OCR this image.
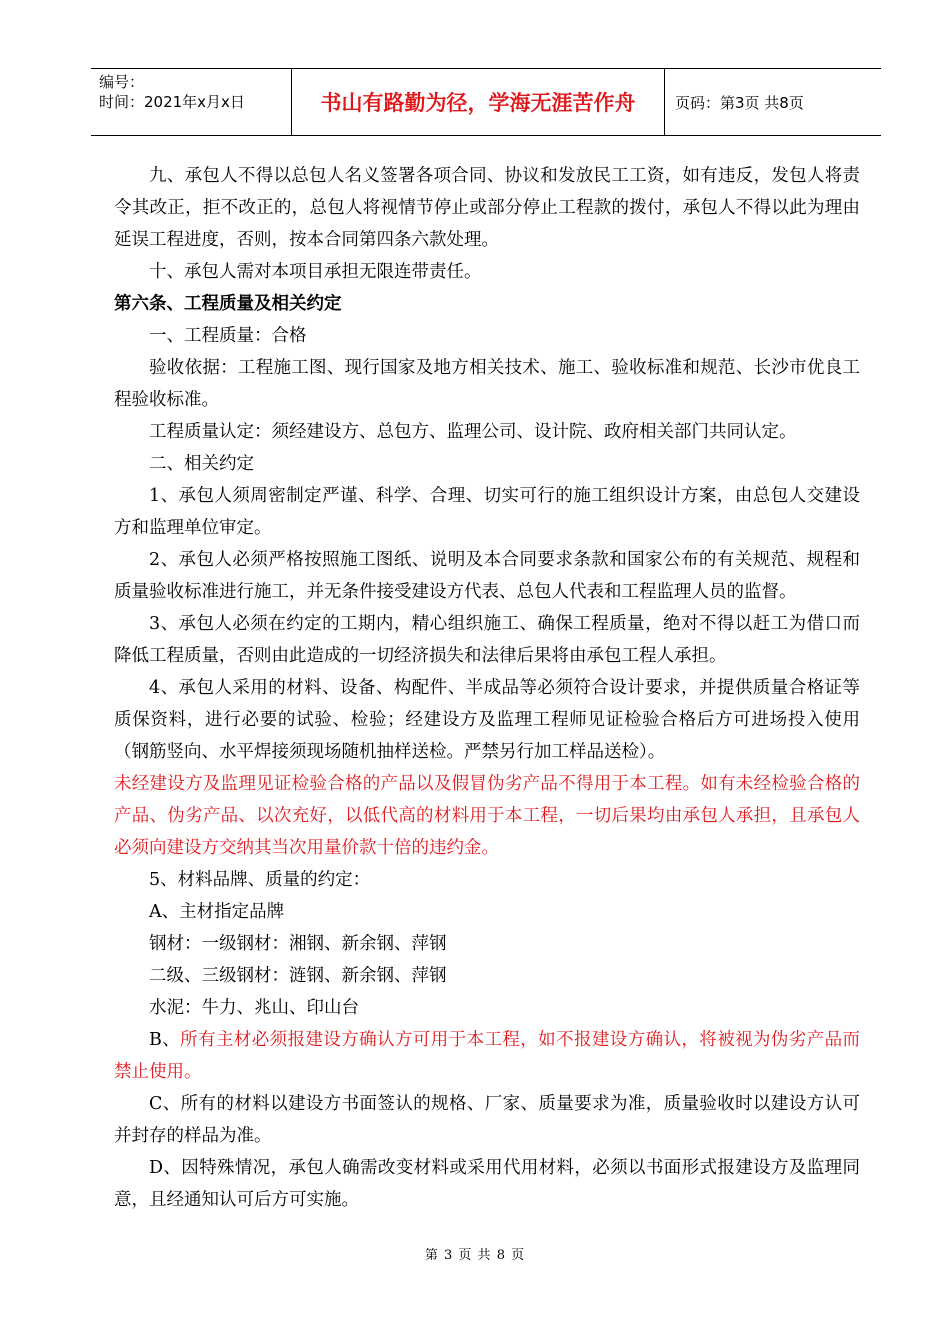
编号：
时间：2021年x月x日	书山有路勤为径，学海无涯苦作舟	页码：第3页 共8页

九、承包人不得以总包人名义签署各项合同、协议和发放民工工资，如有违反，发包人将责令其改正，拒不改正的，总包人将视情节停止或部分停止工程款的拨付，承包人不得以此为理由延误工程进度，否则，按本合同第四条六款处理。

十、承包人需对本项目承担无限连带责任。

第六条、工程质量及相关约定

一、工程质量：合格

验收依据：工程施工图、现行国家及地方相关技术、施工、验收标准和规范、长沙市优良工程验收标准。

工程质量认定：须经建设方、总包方、监理公司、设计院、政府相关部门共同认定。

二、相关约定

1、承包人须周密制定严谨、科学、合理、切实可行的施工组织设计方案，由总包人交建设方和监理单位审定。

2、承包人必须严格按照施工图纸、说明及本合同要求条款和国家公布的有关规范、规程和质量验收标准进行施工，并无条件接受建设方代表、总包人代表和工程监理人员的监督。

3、承包人必须在约定的工期内，精心组织施工、确保工程质量，绝对不得以赶工为借口而降低工程质量，否则由此造成的一切经济损失和法律后果将由承包工程人承担。

4、承包人采用的材料、设备、构配件、半成品等必须符合设计要求，并提供质量合格证等质保资料，进行必要的试验、检验；经建设方及监理工程师见证检验合格后方可进场投入使用（钢筋竖向、水平焊接须现场随机抽样送检。严禁另行加工样品送检）。

未经建设方及监理见证检验合格的产品以及假冒伪劣产品不得用于本工程。如有未经检验合格的产品、伪劣产品、以次充好，以低代高的材料用于本工程，一切后果均由承包人承担，且承包人必须向建设方交纳其当次用量价款十倍的违约金。

5、材料品牌、质量的约定：

A、主材指定品牌

钢材：一级钢材：湘钢、新余钢、萍钢

二级、三级钢材：涟钢、新余钢、萍钢

水泥：牛力、兆山、印山台

B、所有主材必须报建设方确认方可用于本工程，如不报建设方确认，将被视为伪劣产品而禁止使用。

C、所有的材料以建设方书面签认的规格、厂家、质量要求为准，质量验收时以建设方认可并封存的样品为准。

D、因特殊情况，承包人确需改变材料或采用代用材料，必须以书面形式报建设方及监理同意，且经通知认可后方可实施。

第 3 页 共 8 页
